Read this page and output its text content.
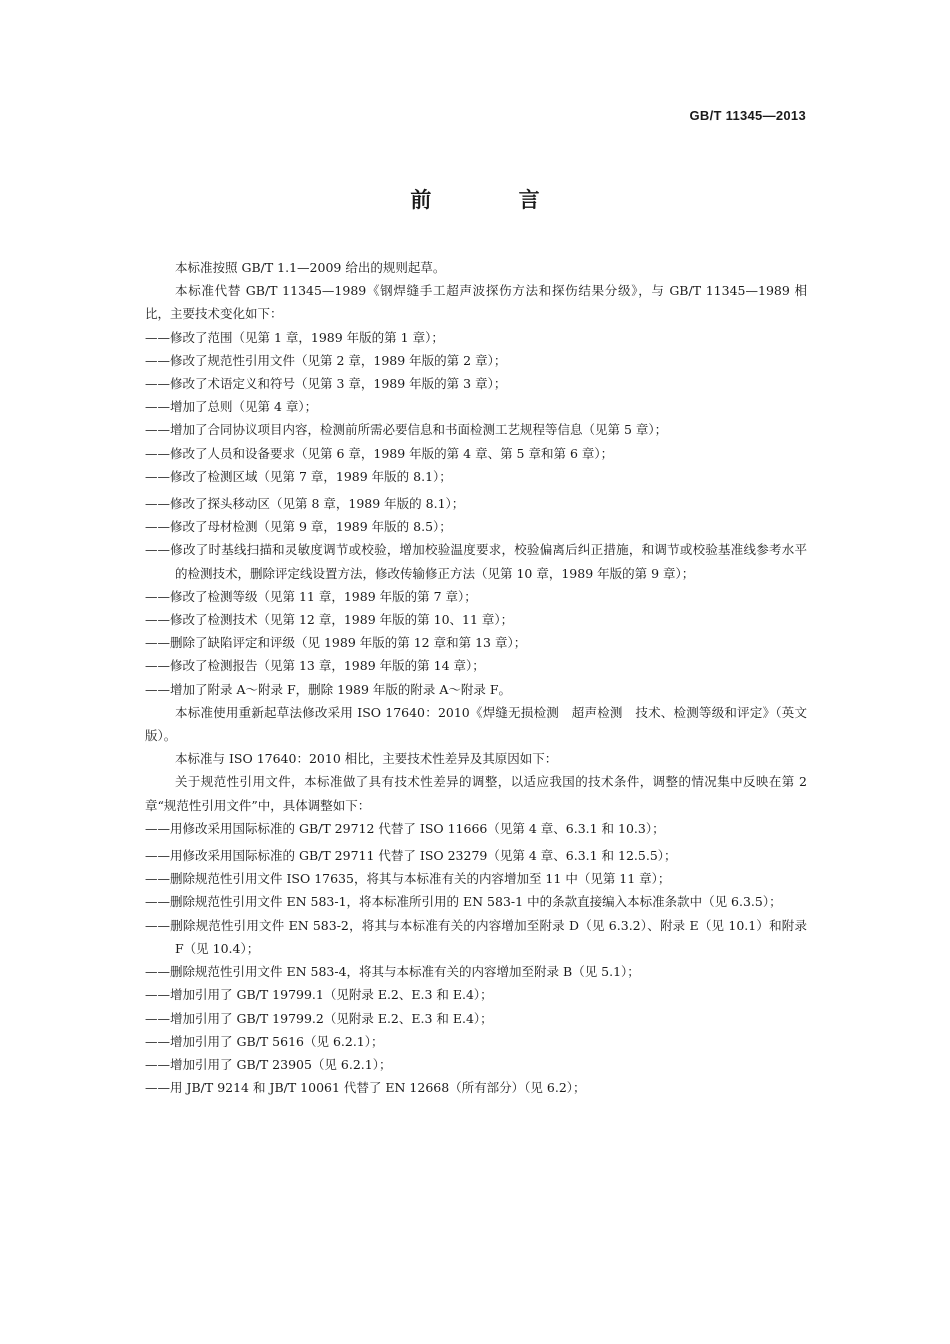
GB/T 11345—2013
前 言

本标准按照 GB/T 1.1—2009 给出的规则起草。

本标准代替 GB/T 11345—1989《钢焊缝手工超声波探伤方法和探伤结果分级》，与 GB/T 11345—1989 相比，主要技术变化如下：

——修改了范围（见第 1 章，1989 年版的第 1 章）；

——修改了规范性引用文件（见第 2 章，1989 年版的第 2 章）；

——修改了术语定义和符号（见第 3 章，1989 年版的第 3 章）；

——增加了总则（见第 4 章）；

——增加了合同协议项目内容，检测前所需必要信息和书面检测工艺规程等信息（见第 5 章）；

——修改了人员和设备要求（见第 6 章，1989 年版的第 4 章、第 5 章和第 6 章）；

——修改了检测区域（见第 7 章，1989 年版的 8.1）；

——修改了探头移动区（见第 8 章，1989 年版的 8.1）；

——修改了母材检测（见第 9 章，1989 年版的 8.5）；

——修改了时基线扫描和灵敏度调节或校验，增加校验温度要求，校验偏离后纠正措施，和调节或校验基准线参考水平的检测技术，删除评定线设置方法，修改传输修正方法（见第 10 章，1989 年版的第 9 章）；

——修改了检测等级（见第 11 章，1989 年版的第 7 章）；

——修改了检测技术（见第 12 章，1989 年版的第 10、11 章）；

——删除了缺陷评定和评级（见 1989 年版的第 12 章和第 13 章）；

——修改了检测报告（见第 13 章，1989 年版的第 14 章）；

——增加了附录 A～附录 F，删除 1989 年版的附录 A～附录 F。

本标准使用重新起草法修改采用 ISO 17640：2010《焊缝无损检测　超声检测　技术、检测等级和评定》（英文版）。

本标准与 ISO 17640：2010 相比，主要技术性差异及其原因如下：

关于规范性引用文件，本标准做了具有技术性差异的调整，以适应我国的技术条件，调整的情况集中反映在第 2 章“规范性引用文件”中，具体调整如下：

——用修改采用国际标准的 GB/T 29712 代替了 ISO 11666（见第 4 章、6.3.1 和 10.3）；

——用修改采用国际标准的 GB/T 29711 代替了 ISO 23279（见第 4 章、6.3.1 和 12.5.5）；

——删除规范性引用文件 ISO 17635，将其与本标准有关的内容增加至 11 中（见第 11 章）；

——删除规范性引用文件 EN 583-1，将本标准所引用的 EN 583-1 中的条款直接编入本标准条款中（见 6.3.5）；

——删除规范性引用文件 EN 583-2，将其与本标准有关的内容增加至附录 D（见 6.3.2）、附录 E（见 10.1）和附录 F（见 10.4）；

——删除规范性引用文件 EN 583-4，将其与本标准有关的内容增加至附录 B（见 5.1）；

——增加引用了 GB/T 19799.1（见附录 E.2、E.3 和 E.4）；

——增加引用了 GB/T 19799.2（见附录 E.2、E.3 和 E.4）；

——增加引用了 GB/T 5616（见 6.2.1）；

——增加引用了 GB/T 23905（见 6.2.1）；

——用 JB/T 9214 和 JB/T 10061 代替了 EN 12668（所有部分）（见 6.2）；
